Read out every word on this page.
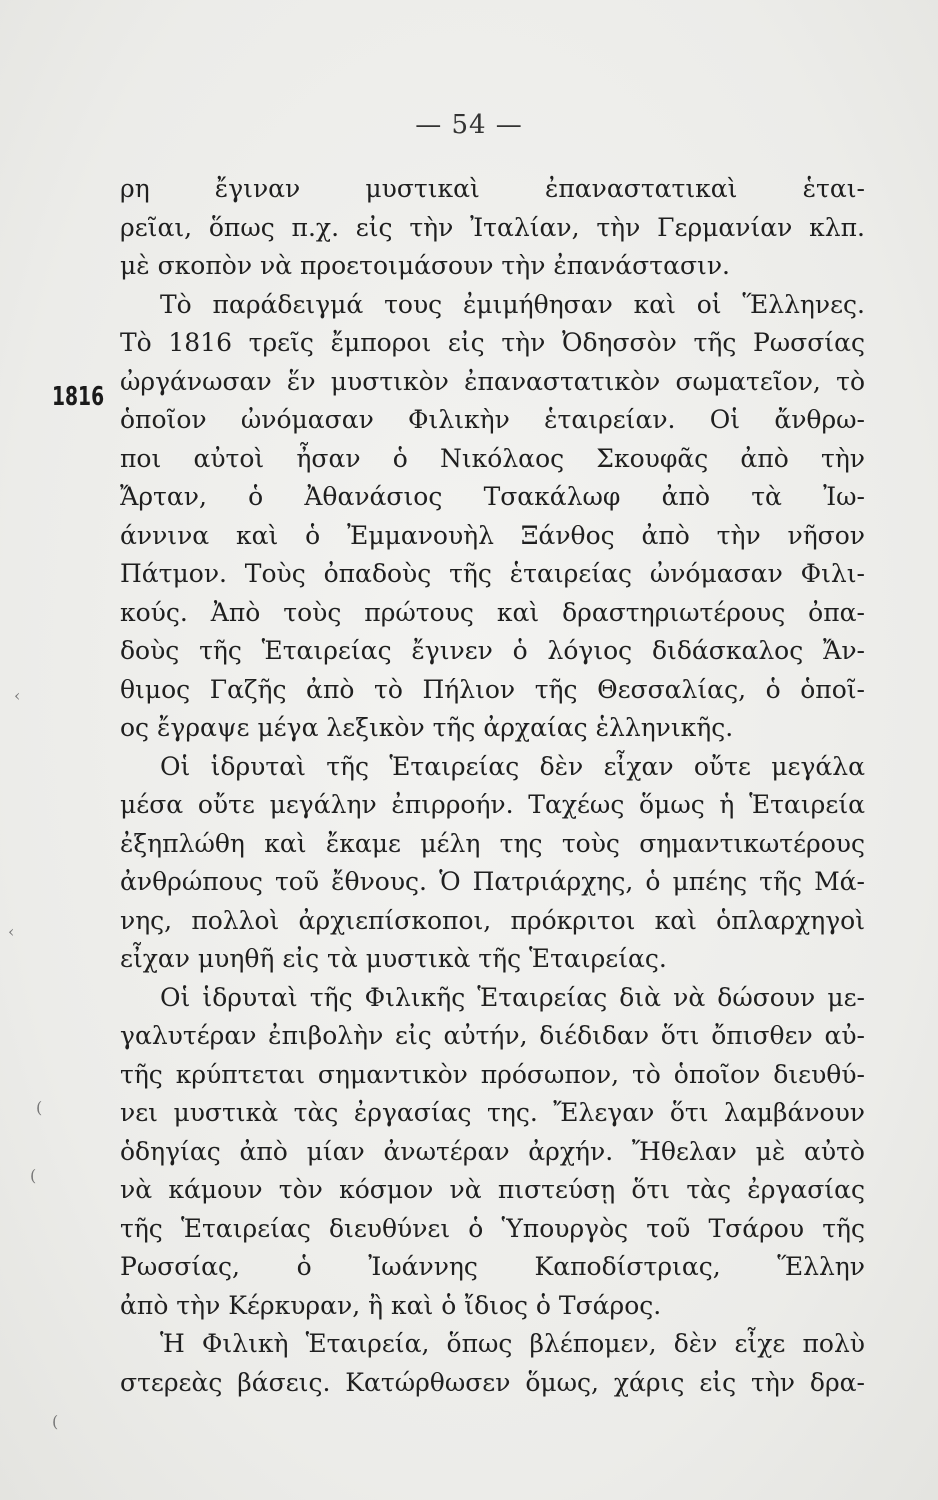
— 54 —
1816
ρη ἔγιναν μυστικαὶ ἐπαναστατικαὶ ἑται-
ρεῖαι, ὅπως π.χ. εἰς τὴν Ἰταλίαν, τὴν Γερμανίαν κλπ.
μὲ σκοπὸν νὰ προετοιμάσουν τὴν ἐπανάστασιν.
Τὸ παράδειγμά τους ἐμιμήθησαν καὶ οἱ Ἕλληνες.
Τὸ 1816 τρεῖς ἔμποροι εἰς τὴν Ὀδησσὸν τῆς Ρωσσίας
ὠργάνωσαν ἕν μυστικὸν ἐπαναστατικὸν σωματεῖον, τὸ
ὁποῖον ὠνόμασαν Φιλικὴν ἑταιρείαν. Οἱ ἄνθρω-
ποι αὐτοὶ ἦσαν ὁ Νικόλαος Σκουφᾶς ἀπὸ τὴν
Ἄρταν, ὁ Ἀθανάσιος Τσακάλωφ ἀπὸ τὰ Ἰω-
άννινα καὶ ὁ Ἐμμανουὴλ Ξάνθος ἀπὸ τὴν νῆσον
Πάτμον. Τοὺς ὀπαδοὺς τῆς ἑταιρείας ὠνόμασαν Φιλι-
κούς. Ἀπὸ τοὺς πρώτους καὶ δραστηριωτέρους ὀπα-
δοὺς τῆς Ἑταιρείας ἔγινεν ὁ λόγιος διδάσκαλος Ἄν-
θιμος Γαζῆς ἀπὸ τὸ Πήλιον τῆς Θεσσαλίας, ὁ ὁποῖ-
ος ἔγραψε μέγα λεξικὸν τῆς ἀρχαίας ἑλληνικῆς.
Οἱ ἱδρυταὶ τῆς Ἑταιρείας δὲν εἶχαν οὔτε μεγάλα
μέσα οὔτε μεγάλην ἐπιρροήν. Ταχέως ὅμως ἡ Ἑταιρεία
ἐξηπλώθη καὶ ἔκαμε μέλη της τοὺς σημαντικωτέρους
ἀνθρώπους τοῦ ἔθνους. Ὁ Πατριάρχης, ὁ μπέης τῆς Μά-
νης, πολλοὶ ἀρχιεπίσκοποι, πρόκριτοι καὶ ὁπλαρχηγοὶ
εἶχαν μυηθῆ εἰς τὰ μυστικὰ τῆς Ἑταιρείας.
Οἱ ἱδρυταὶ τῆς Φιλικῆς Ἑταιρείας διὰ νὰ δώσουν με-
γαλυτέραν ἐπιβολὴν εἰς αὐτήν, διέδιδαν ὅτι ὄπισθεν αὐ-
τῆς κρύπτεται σημαντικὸν πρόσωπον, τὸ ὁποῖον διευθύ-
νει μυστικὰ τὰς ἐργασίας της. Ἔλεγαν ὅτι λαμβάνουν
ὁδηγίας ἀπὸ μίαν ἀνωτέραν ἀρχήν. Ἤθελαν μὲ αὐτὸ
νὰ κάμουν τὸν κόσμον νὰ πιστεύσῃ ὅτι τὰς ἐργασίας
τῆς Ἑταιρείας διευθύνει ὁ Ὑπουργὸς τοῦ Τσάρου τῆς
Ρωσσίας, ὁ Ἰωάννης Καποδίστριας, Ἕλλην
ἀπὸ τὴν Κέρκυραν, ἢ καὶ ὁ ἴδιος ὁ Τσάρος.
Ἡ Φιλικὴ Ἑταιρεία, ὅπως βλέπομεν, δὲν εἶχε πολὺ
στερεὰς βάσεις. Κατώρθωσεν ὅμως, χάρις εἰς τὴν δρα-
‹
‹
(
(
(
